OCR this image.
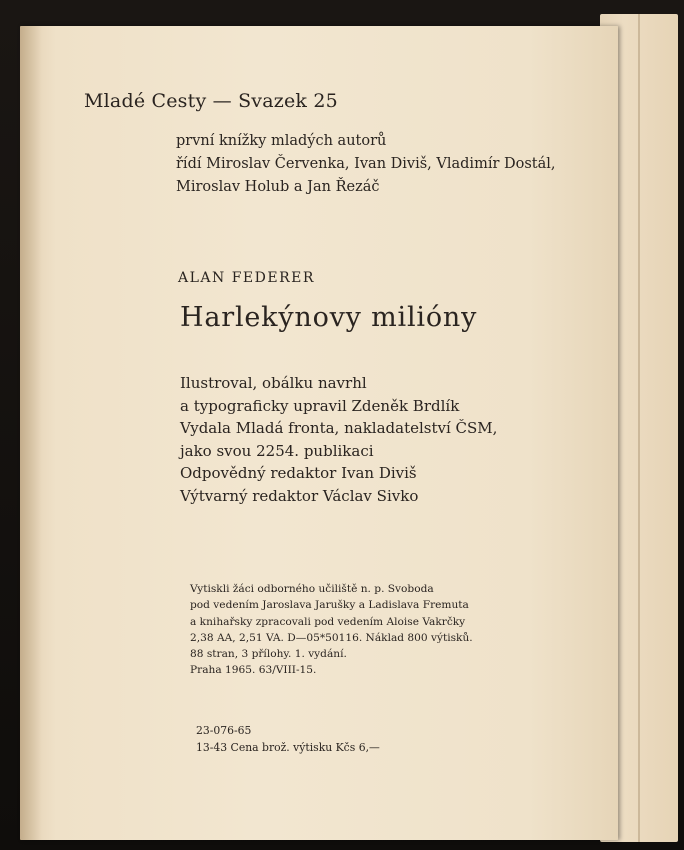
Mladé Cesty — Svazek 25

první knížky mladých autorů
řídí Miroslav Červenka, Ivan Diviš, Vladimír Dostál,
Miroslav Holub a Jan Řezáč

ALAN FEDERER

Harlekýnovy milióny

Ilustroval, obálku navrhl
a typograficky upravil Zdeněk Brdlík
Vydala Mladá fronta, nakladatelství ČSM,
jako svou 2254. publikaci
Odpovědný redaktor Ivan Diviš
Výtvarný redaktor Václav Sivko
Vytiskli žáci odborného učiliště n. p. Svoboda
pod vedením Jaroslava Jarušky a Ladislava Fremuta
a knihařsky zpracovali pod vedením Aloise Vakrčky
2,38 AA, 2,51 VA. D—05*50116. Náklad 800 výtisků.
88 stran, 3 přílohy. 1. vydání.
Praha 1965. 63/VIII-15.
23-076-65
13-43 Cena brož. výtisku Kčs 6,—
